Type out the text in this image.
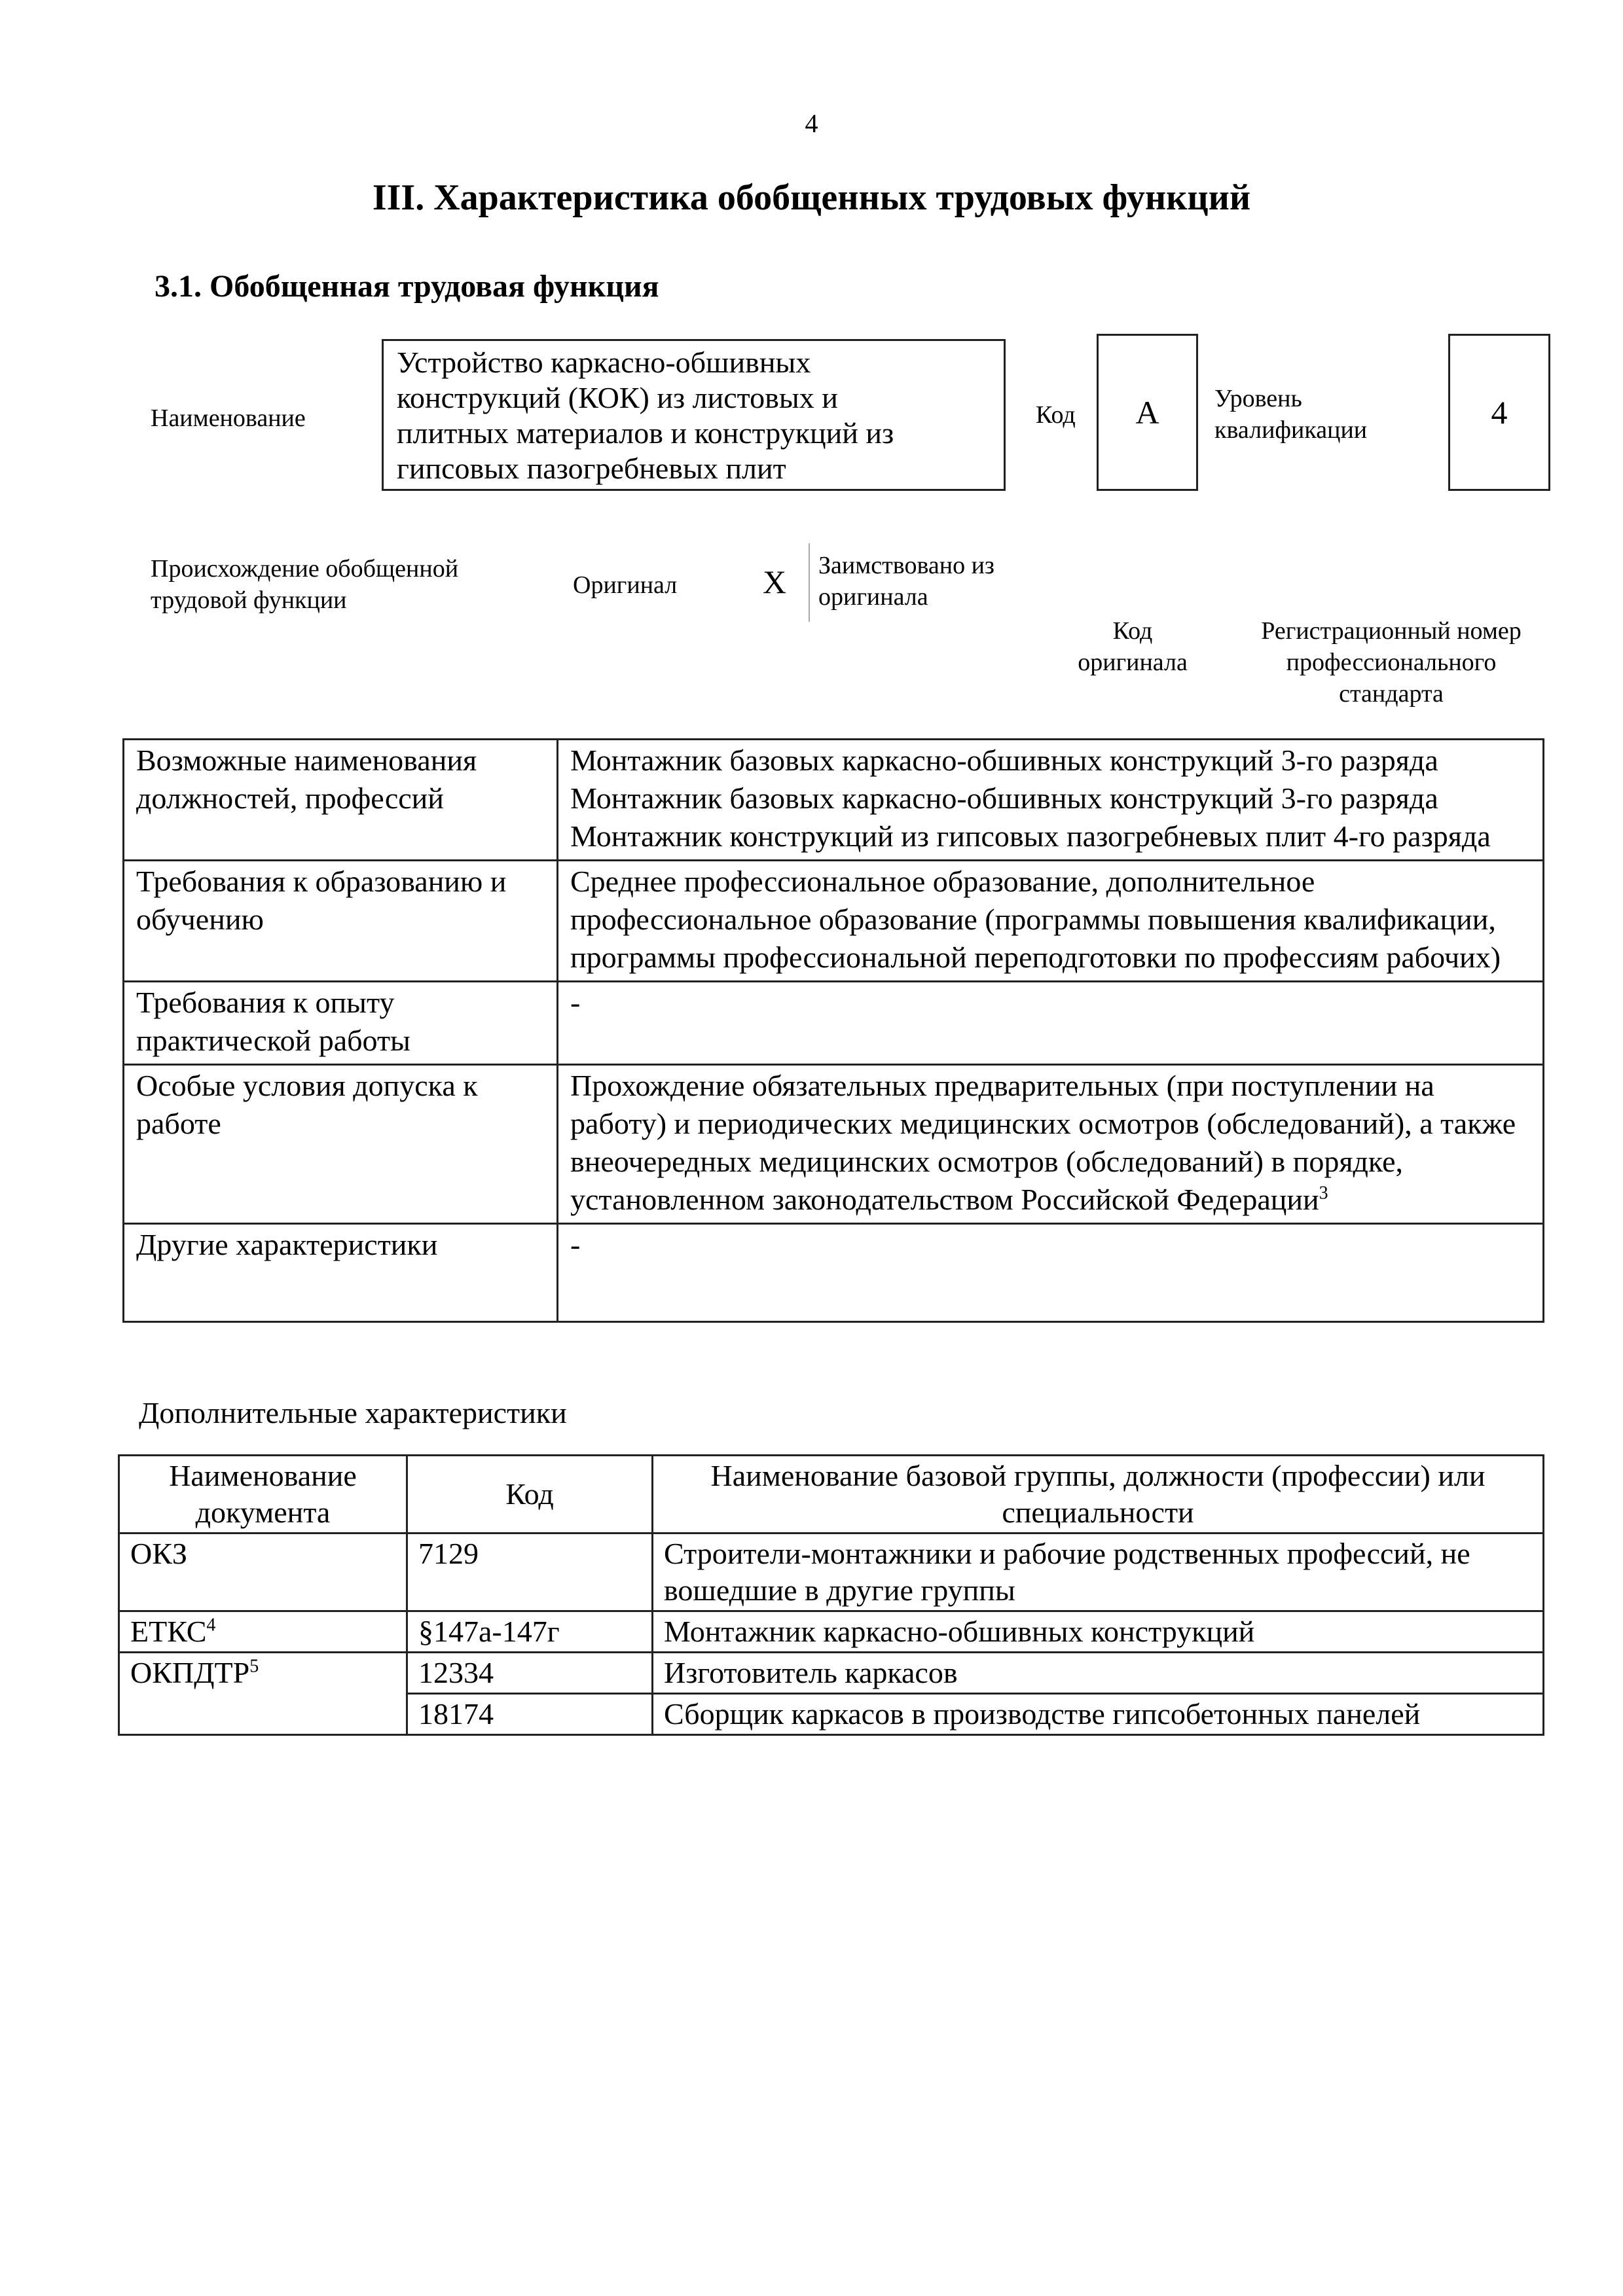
4
III. Характеристика обобщенных трудовых функций
3.1. Обобщенная трудовая функция
Наименование
Устройство каркасно-обшивных
конструкций (КОК) из листовых и
плитных материалов и конструкций из
гипсовых пазогребневых плит
Код А Уровень
квалификации	4
Происхождение обобщенной
трудовой функции
Оригинал	X Заимствовано из
оригинала
Код
оригинала
Регистрационный номер
профессионального
стандарта
Возможные наименования должностей, профессий	Монтажник базовых каркасно-обшивных конструкций 3-го разряда
Монтажник базовых каркасно-обшивных конструкций 3-го разряда
Монтажник конструкций из гипсовых пазогребневых плит 4-го разряда

Требования к образованию и обучению	Среднее профессиональное образование, дополнительное профессиональное образование (программы повышения квалификации, программы профессиональной переподготовки по профессиям рабочих)
Требования к опыту практической работы	-
Особые условия допуска к работе	Прохождение обязательных предварительных (при поступлении на работу) и периодических медицинских осмотров (обследований), а также внеочередных медицинских осмотров (обследований) в порядке, установленном законодательством Российской Федерации$^3$
Другие характеристики	-
Дополнительные характеристики
Наименование документа	Код	Наименование базовой группы, должности (профессии) или специальности
ОКЗ	7129	Строители-монтажники и рабочие родственных профессий, не вошедшие в другие группы
ЕТКС$^4$	§147а-147г	Монтажник каркасно-обшивных конструкций
ОКПДТР$^5$	12334	Изготовитель каркасов
	18174	Сборщик каркасов в производстве гипсобетонных панелей
